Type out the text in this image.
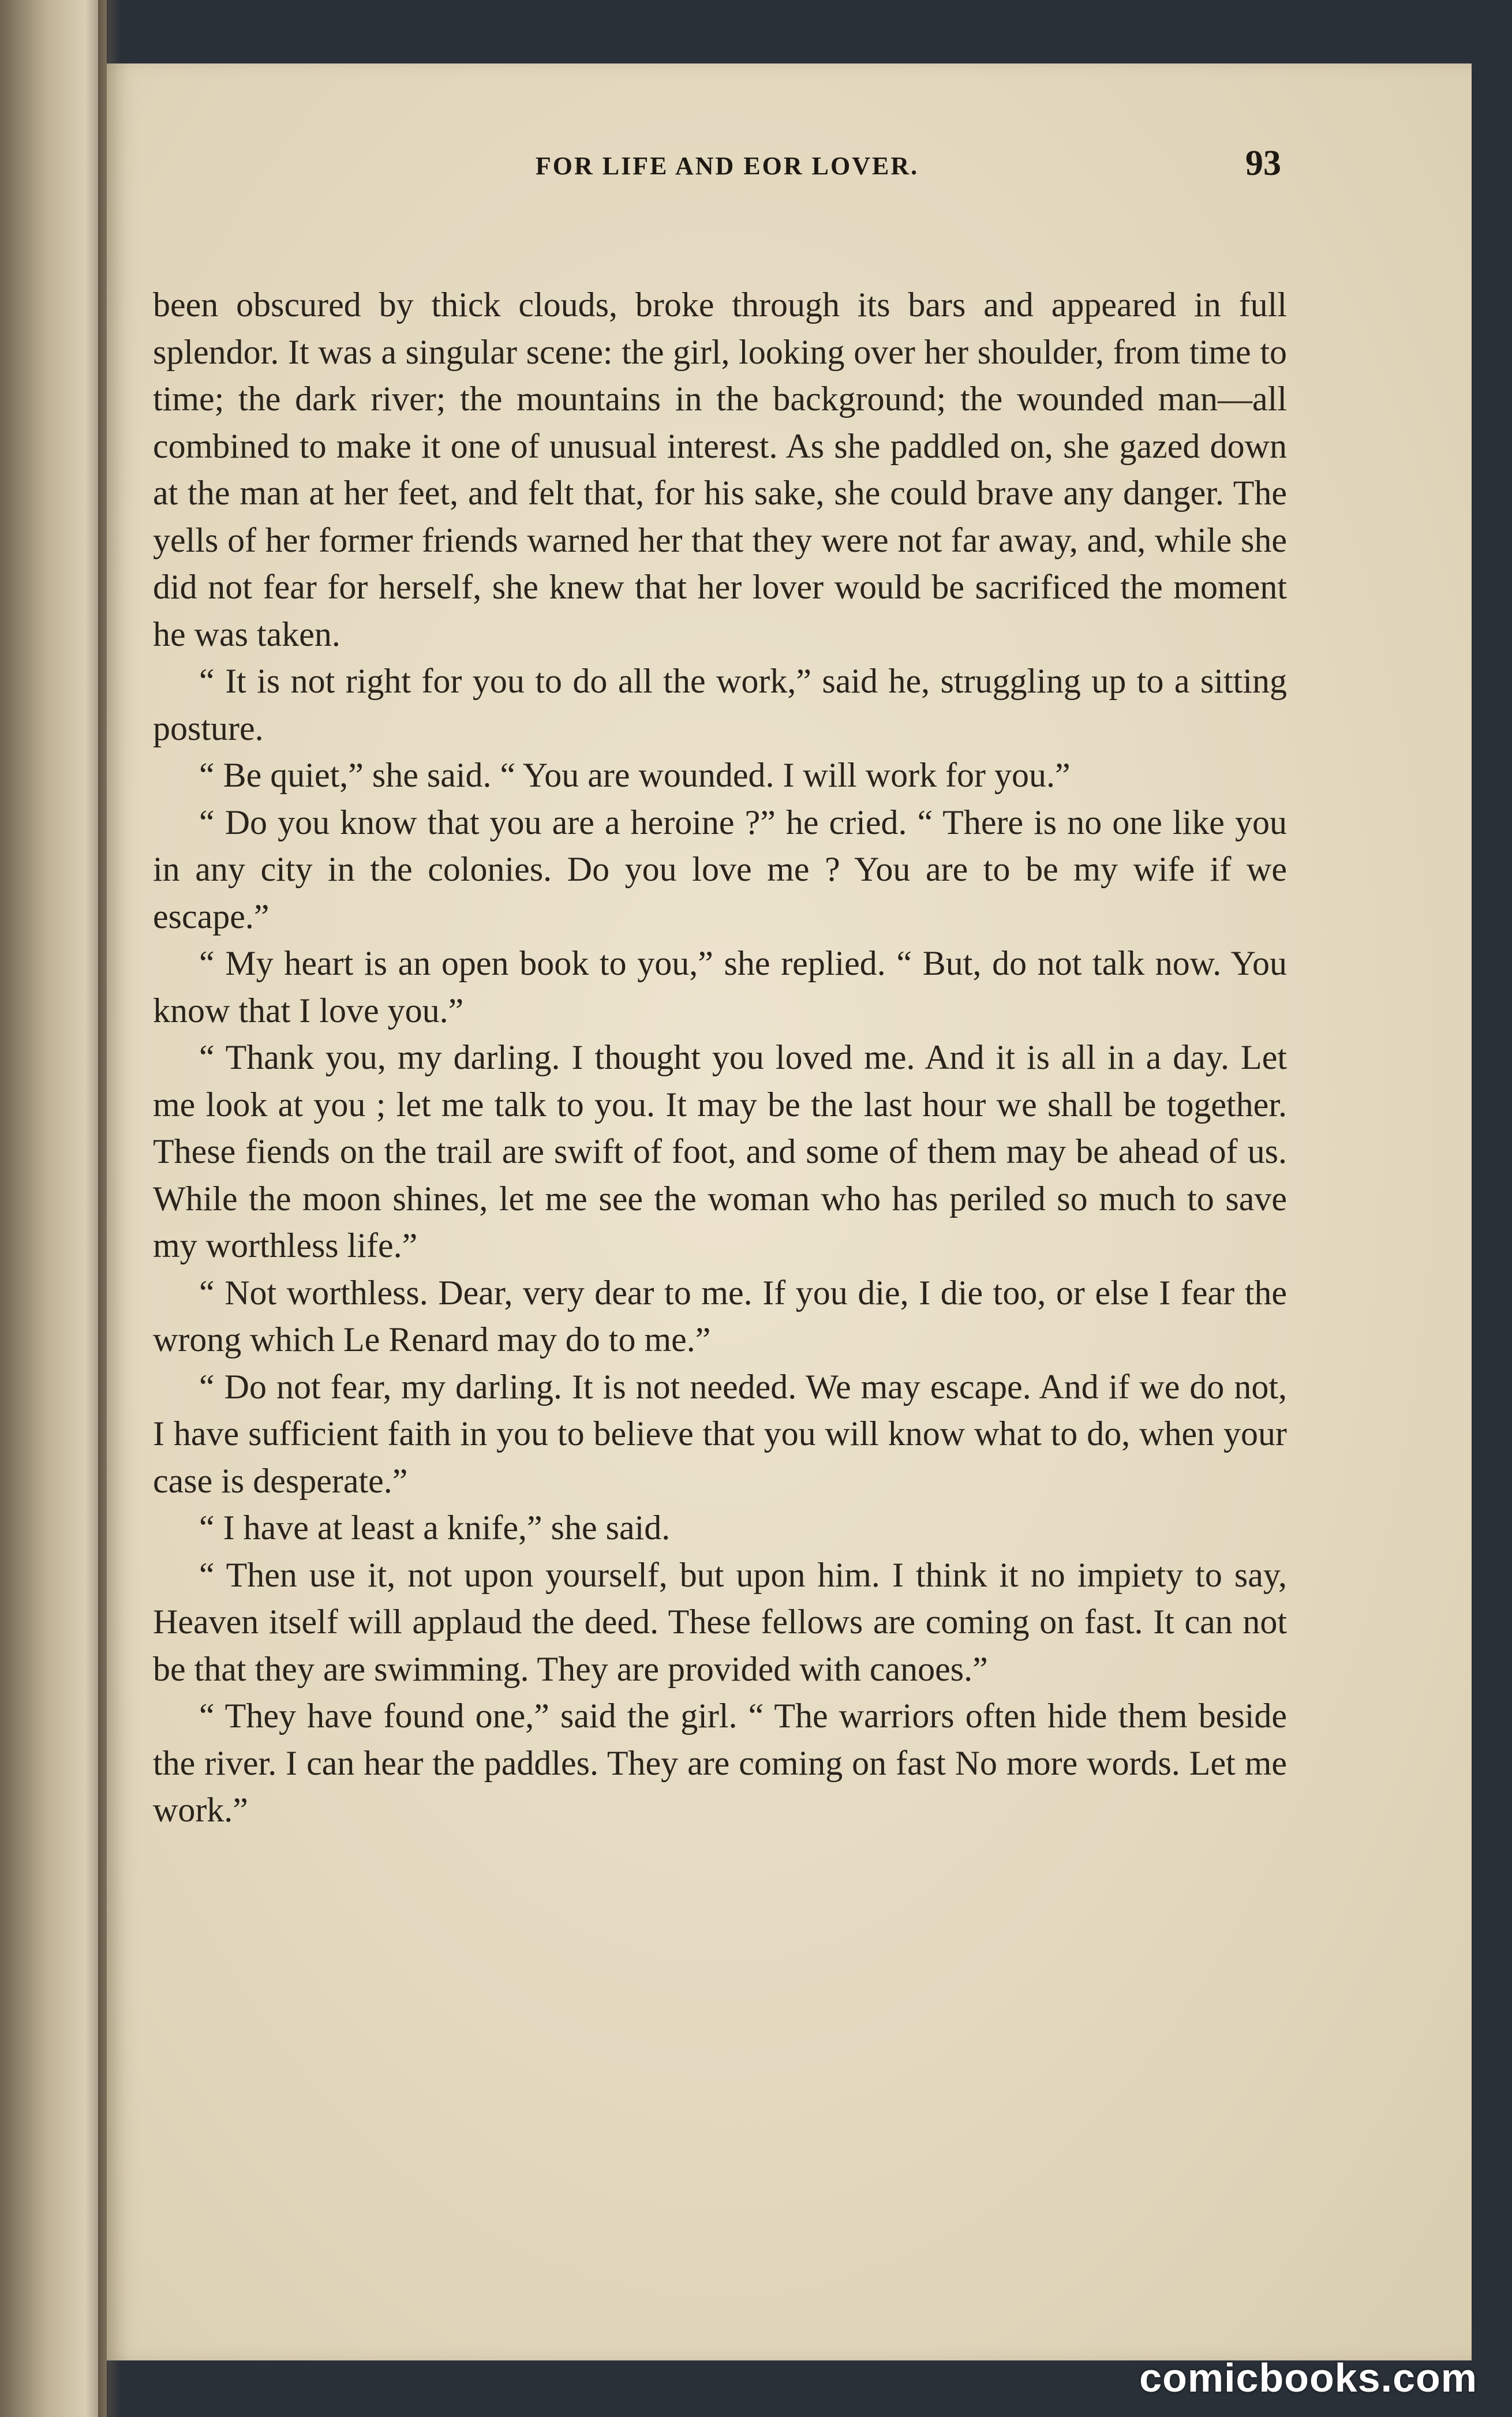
FOR LIFE AND EOR LOVER.	93

been obscured by thick clouds, broke through its bars and appeared in full splendor. It was a singular scene: the girl, looking over her shoulder, from time to time; the dark river; the mountains in the background; the wounded man—all combined to make it one of unusual interest. As she paddled on, she gazed down at the man at her feet, and felt that, for his sake, she could brave any danger. The yells of her former friends warned her that they were not far away, and, while she did not fear for herself, she knew that her lover would be sacrificed the moment he was taken.

“ It is not right for you to do all the work,” said he, struggling up to a sitting posture.

“ Be quiet,” she said. “ You are wounded. I will work for you.”

“ Do you know that you are a heroine ?” he cried. “ There is no one like you in any city in the colonies. Do you love me ? You are to be my wife if we escape.”

“ My heart is an open book to you,” she replied. “ But, do not talk now. You know that I love you.”

“ Thank you, my darling. I thought you loved me. And it is all in a day. Let me look at you ; let me talk to you. It may be the last hour we shall be together. These fiends on the trail are swift of foot, and some of them may be ahead of us. While the moon shines, let me see the woman who has periled so much to save my worthless life.”

“ Not worthless. Dear, very dear to me. If you die, I die too, or else I fear the wrong which Le Renard may do to me.”

“ Do not fear, my darling. It is not needed. We may escape. And if we do not, I have sufficient faith in you to believe that you will know what to do, when your case is desperate.”

“ I have at least a knife,” she said.

“ Then use it, not upon yourself, but upon him. I think it no impiety to say, Heaven itself will applaud the deed. These fellows are coming on fast. It can not be that they are swimming. They are provided with canoes.”

“ They have found one,” said the girl. “ The warriors often hide them beside the river. I can hear the paddles. They are coming on fast No more words. Let me work.”

comicbooks.com
